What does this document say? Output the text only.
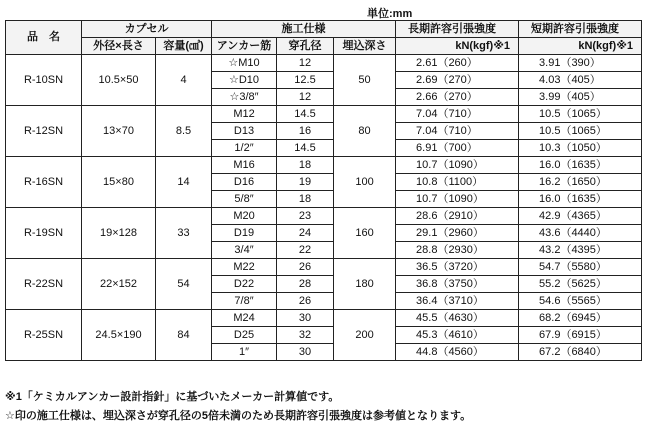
単位:mm
品　名	カプセル		施工仕様			長期許容引張強度	短期許容引張強度
	外径×長さ	容量(㎤)	アンカー筋	穿孔径	埋込深さ	kN(kgf)※1	kN(kgf)※1
R-10SN	10.5×50	4	☆M10	12	50	2.61（260）	3.91（390）
			☆D10	12.5		2.69（270）	4.03（405）
			☆3/8″	12		2.66（270）	3.99（405）
R-12SN	13×70	8.5	M12	14.5	80	7.04（710）	10.5（1065）
			D13	16		7.04（710）	10.5（1065）
			1/2″	14.5		6.91（700）	10.3（1050）
R-16SN	15×80	14	M16	18	100	10.7（1090）	16.0（1635）
			D16	19		10.8（1100）	16.2（1650）
			5/8″	18		10.7（1090）	16.0（1635）
R-19SN	19×128	33	M20	23	160	28.6（2910）	42.9（4365）
			D19	24		29.1（2960）	43.6（4440）
			3/4″	22		28.8（2930）	43.2（4395）
R-22SN	22×152	54	M22	26	180	36.5（3720）	54.7（5580）
			D22	28		36.8（3750）	55.2（5625）
			7/8″	26		36.4（3710）	54.6（5565）
R-25SN	24.5×190	84	M24	30	200	45.5（4630）	68.2（6945）
			D25	32		45.3（4610）	67.9（6915）
			1″	30		44.8（4560）	67.2（6840）
※1「ケミカルアンカー設計指針」に基づいたメーカー計算値です。
☆印の施工仕様は、埋込深さが穿孔径の5倍未満のため長期許容引張強度は参考値となります。
